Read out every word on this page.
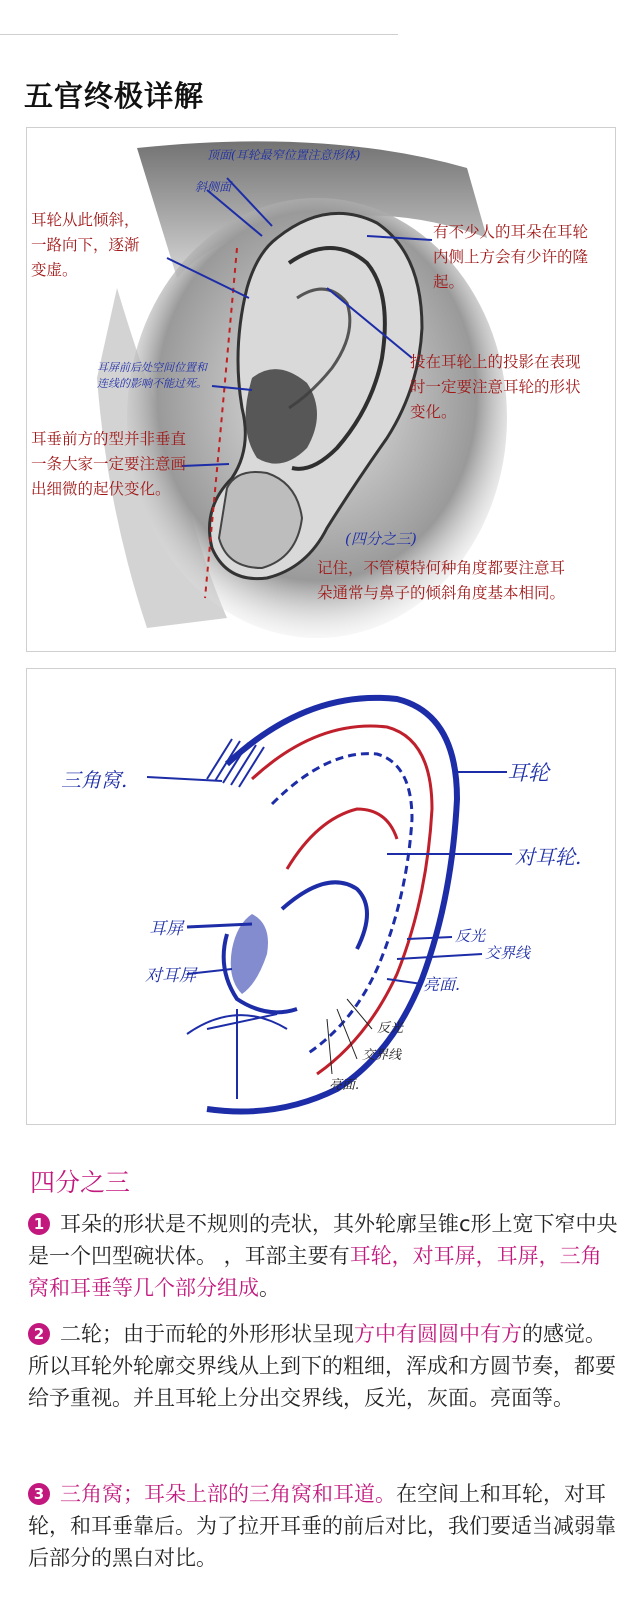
五官终极详解
耳轮从此倾斜，一路向下，逐渐变虚。
耳垂前方的型并非垂直一条大家一定要注意画出细微的起伏变化。
有不少人的耳朵在耳轮内侧上方会有少许的隆起。
投在耳轮上的投影在表现时一定要注意耳轮的形状变化。
记住，不管模特何种角度都要注意耳朵通常与鼻子的倾斜角度基本相同。
顶面(耳轮最窄位置注意形体)
斜侧面
耳屏前后处空间位置和连线的影响不能过死。
(四分之三)
三角窝.	耳轮
对耳轮.
耳屏
对耳屏
反光
交界线
亮面.
反光
交界线
亮面.
四分之三
1 耳朵的形状是不规则的壳状，其外轮廓呈锥c形上宽下窄中央是一个凹型碗状体。 ，耳部主要有耳轮，对耳屏，耳屏，三角窝和耳垂等几个部分组成。
2 二轮；由于而轮的外形形状呈现方中有圆圆中有方的感觉。所以耳轮外轮廓交界线从上到下的粗细，浑成和方圆节奏，都要给予重视。并且耳轮上分出交界线，反光，灰面。亮面等。
3 三角窝；耳朵上部的三角窝和耳道。在空间上和耳轮，对耳轮，和耳垂靠后。为了拉开耳垂的前后对比，我们要适当减弱靠后部分的黑白对比。
